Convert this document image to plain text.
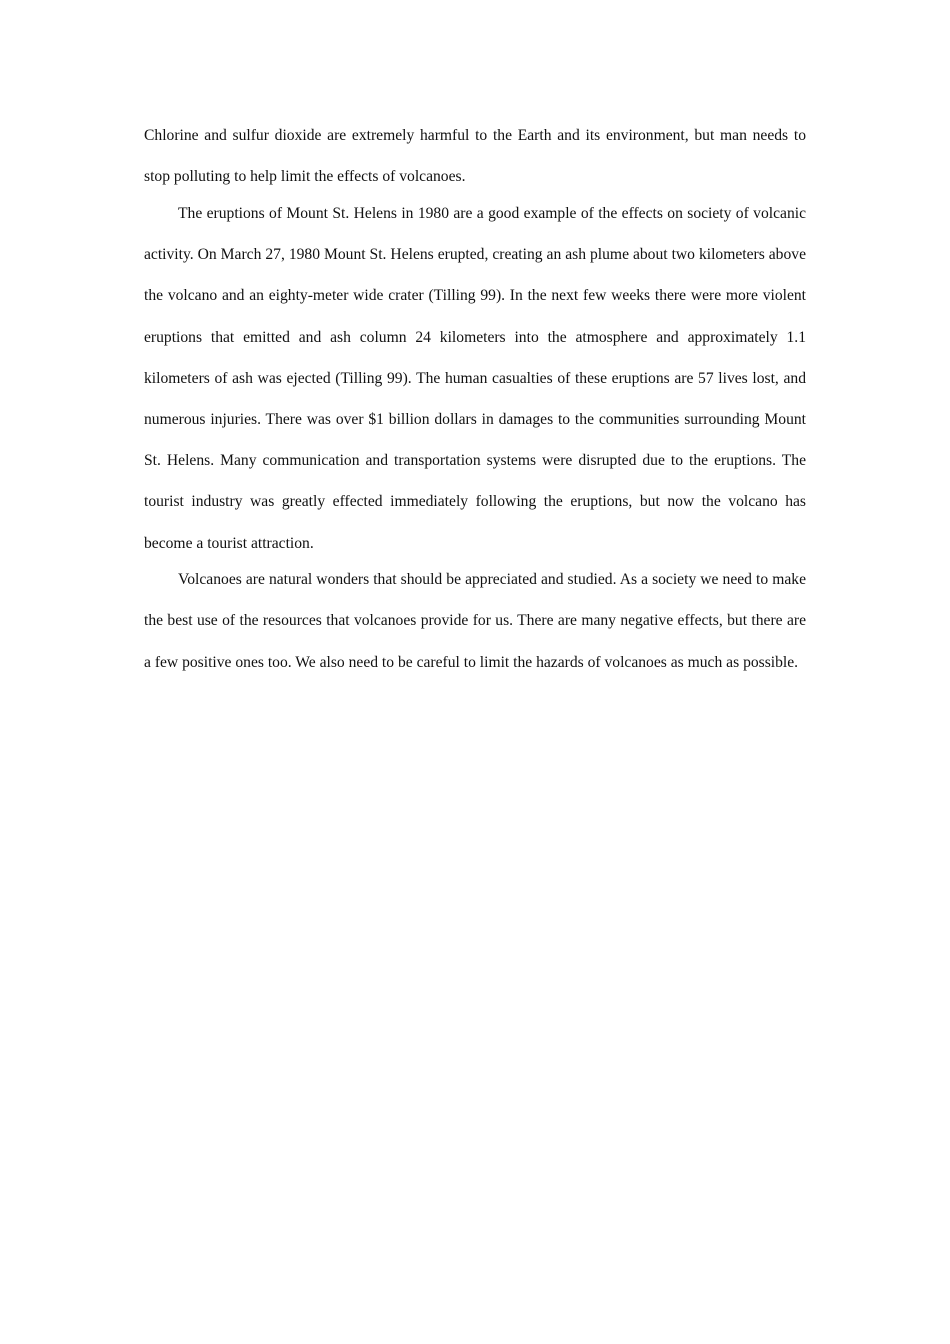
Chlorine and sulfur dioxide are extremely harmful to the Earth and its environment, but man needs to stop polluting to help limit the effects of volcanoes.

The eruptions of Mount St. Helens in 1980 are a good example of the effects on society of volcanic activity. On March 27, 1980 Mount St. Helens erupted, creating an ash plume about two kilometers above the volcano and an eighty-meter wide crater (Tilling 99). In the next few weeks there were more violent eruptions that emitted and ash column 24 kilometers into the atmosphere and approximately 1.1 kilometers of ash was ejected (Tilling 99). The human casualties of these eruptions are 57 lives lost, and numerous injuries. There was over $1 billion dollars in damages to the communities surrounding Mount St. Helens. Many communication and transportation systems were disrupted due to the eruptions. The tourist industry was greatly effected immediately following the eruptions, but now the volcano has become a tourist attraction.

Volcanoes are natural wonders that should be appreciated and studied. As a society we need to make the best use of the resources that volcanoes provide for us. There are many negative effects, but there are a few positive ones too. We also need to be careful to limit the hazards of volcanoes as much as possible.
